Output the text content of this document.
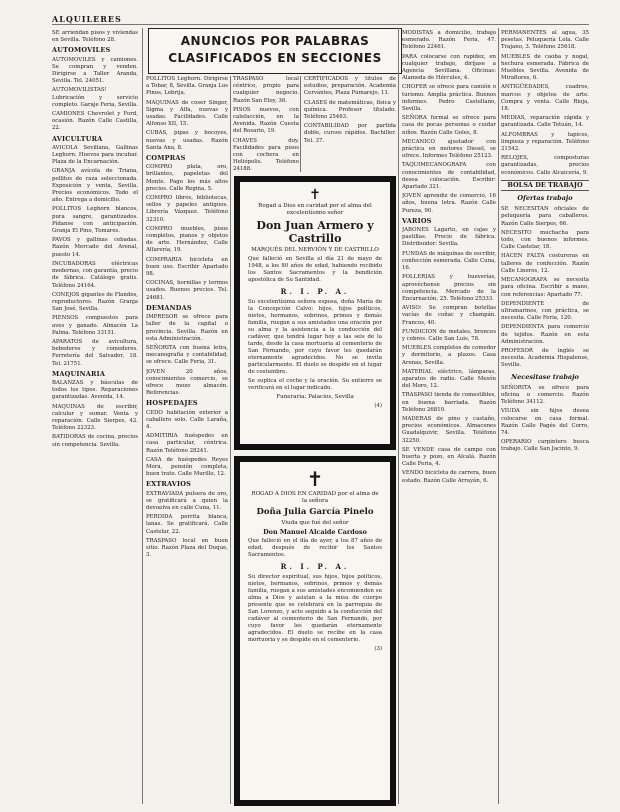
ALQUILERES
ANUNCIOS POR PALABRAS
CLASIFICADOS EN SECCIONES

SE arriendan pisos y viviendas en Sevilla. Teléfono 28.

AUTOMOVILES

AUTOMOVILES y camiones. Se compran y venden. Dirigirse a Taller Aranda, Sevilla. Tel. 24051.

AUTOMOVILISTAS! Lubricación y servicio completo. Garaje Feria, Sevilla.

CAMIONES Chevrolet y Ford, ocasión. Razón Calle Castilla, 22.

AVICULTURA

AVICOLA Sevillana, Gallinas Leghorn. Huevos para incubar. Plaza de la Encarnación.

GRANJA avícola de Triana, pollitos de raza seleccionada. Exposición y venta, Sevilla. Precios económicos. Todo el año. Entrega a domicilio.

POLLITOS Leghorn blancos, pura sangre, garantizados. Pídanse con anticipación. Granja El Pino, Tomares.

PAVOS y gallinas cebadas. Razón Mercado del Arenal, puesto 14.

INCUBADORAS eléctricas modernas, con garantía, precio de fábrica. Catálogo gratis. Teléfono 24164.

CONEJOS gigantes de Flandes, reproductores. Razón Granja San José, Sevilla.

PIENSOS compuestos para aves y ganado. Almacén La Palma. Teléfono 33151.

APARATOS de avicultura, bebederos y comederos. Ferretería del Salvador, 18. Tel. 21751.

MAQUINARIA

BALANZAS y básculas de todos los tipos. Reparaciones garantizadas. Avenida, 14.

MAQUINAS de escribir, calcular y sumar. Venta y reparación. Calle Sierpes, 42. Teléfono 22323.

BATIDORAS de cocina, precios sin competencia. Sevilla.

POLLITOS Leghorn. Dirigirse a Tobar, 8, Sevilla. Granja Los Pinos, Lebrija.

MAQUINAS de coser Singer, Sigma y Alfa, nuevas y usadas. Facilidades. Calle Alfonso XII, 15.

CUBAS, pipas y bocoyes, nuevas y usadas. Razón Santa Ana, 8.

COMPRAS

COMPRO plata, oro, brillantes, papeletas del Monte. Pago los más altos precios. Calle Regina, 5.

COMPRO libros, bibliotecas, sellos y papeles antiguos. Librería Vázquez. Teléfono 32310.

COMPRO muebles, pisos completos, pianos y objetos de arte. Hernández, Calle Alfarería, 19.

COMPRARIA bicicleta en buen uso. Escribir Apartado 98.

COCINAS, hornillas y termos usados. Buenos precios. Tel. 24681.

DEMANDAS

IMPRESOR se ofrece para taller de la capital o provincia. Sevilla. Razón en esta Administración.

SEÑORITA con buena letra, mecanografía y contabilidad, se ofrece. Calle Feria, 31.

JOVEN 20 años, conocimientos comercio, se ofrece mozo almacén. Referencias.

HOSPEDAJES

CEDO habitación exterior a caballero solo. Calle Laraña, 4.

ADMITIRIA huéspedes en casa particular, céntrica. Razón Teléfono 28241.

CASA de huéspedes Reyes Mora, pensión completa, buen trato. Calle Murillo, 12.

EXTRAVIOS

EXTRAVIADA pulsera de oro, se gratificará a quien la devuelva en calle Cuna, 11.

PERDIDA perrita blanca, lanas. Se gratificará. Calle Castelar, 22.

TRASPASO local en buen sitio. Razón Plaza del Duque, 3.

TRASPASO local céntrico, propio para cualquier negocio. Razón San Eloy, 36.

PISOS nuevos, con calefacción, en la Avenida. Razón Cuesta del Rosario, 19.

CHAVES doy. Facilidades para pisos con cochera en Heliópolis. Teléfono 24188.

CERTIFICADOS y títulos de estudios, preparación. Academia Cervantes, Plaza Pumarejo, 11.

CLASES de matemáticas, física y química. Profesor titulado. Teléfono 25463.

CONTABILIDAD por partida doble, cursos rápidos. Bachiller. Tel. 37.

✝
Rogad a Dios en caridad por el alma del excelentísimo señor
Don Juan Armero y Castrillo
MARQUÉS DEL NERVIÓN Y DE CASTRILLO
Que falleció en Sevilla el día 21 de mayo de 1948, a los 80 años de edad, habiendo recibido los Santos Sacramentos y la bendición apostólica de Su Santidad.
R. I. P. A.
Su excelentísima señora esposa, doña María de la Concepción Calvo; hijos, hijos políticos, nietos, hermanos, sobrinos, primos y demás familia, ruegan a sus amistades una oración por su alma y la asistencia a la conducción del cadáver, que tendrá lugar hoy a las seis de la tarde, desde la casa mortuoria al cementerio de San Fernando, por cuyo favor les quedarán eternamente agradecidos. No se invita particularmente. El duelo se despide en el lugar de costumbre.
Se suplica el coche y la oración. Su entierro se verificará en el lugar indicado.
Funeraria: Palacios, Sevilla
(4)
✝
ROGAD A DIOS EN CARIDAD por el alma de la señora
Doña Julia García Pinelo
Viuda que fué del señor
Don Manuel Alcaide Cardoso
Que falleció en el día de ayer, a los 87 años de edad, después de recibir los Santos Sacramentos.
R. I. P. A.
Su director espiritual, sus hijos, hijos políticos, nietos, hermanos, sobrinos, primos y demás familia, ruegan a sus amistades encomienden su alma a Dios y asistan a la misa de cuerpo presente que se celebrará en la parroquia de San Lorenzo, y acto seguido a la conducción del cadáver al cementerio de San Fernando, por cuyo favor les quedarán eternamente agradecidos. El duelo se recibe en la casa mortuoria y se despide en el cementerio.
(3)

MODISTAS a domicilio, trabajo esmerado. Razón Feria, 47. Teléfono 22461.

PARA colocarse con rapidez, en cualquier trabajo, diríjase a Agencia Sevillana. Oficinas: Alameda de Hércules, 4.

CHOFER se ofrece para camión o turismo. Amplia práctica. Buenos informes. Pedro Castellano, Sevilla.

SEÑORA formal se ofrece para casa de pocas personas o cuidar niños. Razón Calle Goles, 8.

MECANICO ajustador con práctica en motores Diesel, se ofrece. Informes Teléfono 25123.

TAQUIMECANOGRAFA con conocimientos de contabilidad, desea colocación. Escribir: Apartado 321.

JOVEN aprendiz de comercio, 16 años, buena letra. Razón Calle Pureza, 90.

VARIOS

JABONES Lagarto, en cajas y pastillas. Precio de fábrica. Distribuidor: Sevilla.

FUNDAS de máquinas de escribir, confección esmerada. Calle Cuna, 16.

POLLERIAS y hueverías, aprovéchense precios sin competencia. Mercado de la Encarnación, 25. Teléfono 25333.

AVISO: Se compran botellas vacías de coñac y champán. Francos, 40.

FUNDICION de metales, bronces y cobres. Calle San Luis, 78.

MUEBLES completos de comedor y dormitorio, a plazos. Casa Arenas, Sevilla.

MATERIAL eléctrico, lámparas, aparatos de radio. Calle Mesón del Moro, 12.

TRASPASO tienda de comestibles, en buena barriada. Razón Teléfono 26810.

MADERAS de pino y castaño, precios económicos. Almacenes Guadalquivir, Sevilla. Teléfono 32250.

SE VENDE casa de campo con huerta y pozo, en Alcalá. Razón Calle Feria, 4.

VENDO bicicleta de carrera, buen estado. Razón Calle Arrayán, 6.

PERMANENTES al agua, 35 pesetas. Peluquería Lola. Calle Trajano, 3. Teléfono 25618.

MUEBLES de caoba y nogal, hechura esmerada. Fábrica de Muebles Sevilla. Avenida de Miraflores, 6.

ANTIGÜEDADES, cuadros, marcos y objetos de arte. Compra y venta. Calle Rioja, 18.

MEDIAS, reparación rápida y garantizada. Calle Tetuán, 14.

ALFOMBRAS y tapices, limpieza y reparación. Teléfono 21542.

RELOJES, composturas garantizadas, precios económicos. Calle Alcaicería, 9.

BOLSA DE TRABAJO
Ofertas trabajo

SE NECESITAN oficiales de peluquería para caballeros. Razón Calle Sierpes, 66.

NECESITO muchacha para todo, con buenos informes. Calle Castelar, 18.

HACEN FALTA costureras en talleres de confección. Razón Calle Lineros, 12.

MECANOGRAFA se necesita para oficina. Escribir a mano, con referencias: Apartado 77.

DEPENDIENTE de ultramarinos, con práctica, se necesita. Calle Feria, 120.

DEPENDIENTA para comercio de tejidos. Razón en esta Administración.

PROFESOR de inglés se necesita. Academia Hispalense, Sevilla.

Necesitase trabajo

SEÑORITA se ofrece para oficina o comercio. Razón Teléfono 34112.

VIUDA sin hijos desea colocarse en casa formal. Razón Calle Pagés del Corro, 74.

OPERARIO carpintero busca trabajo. Calle San Jacinto, 9.
